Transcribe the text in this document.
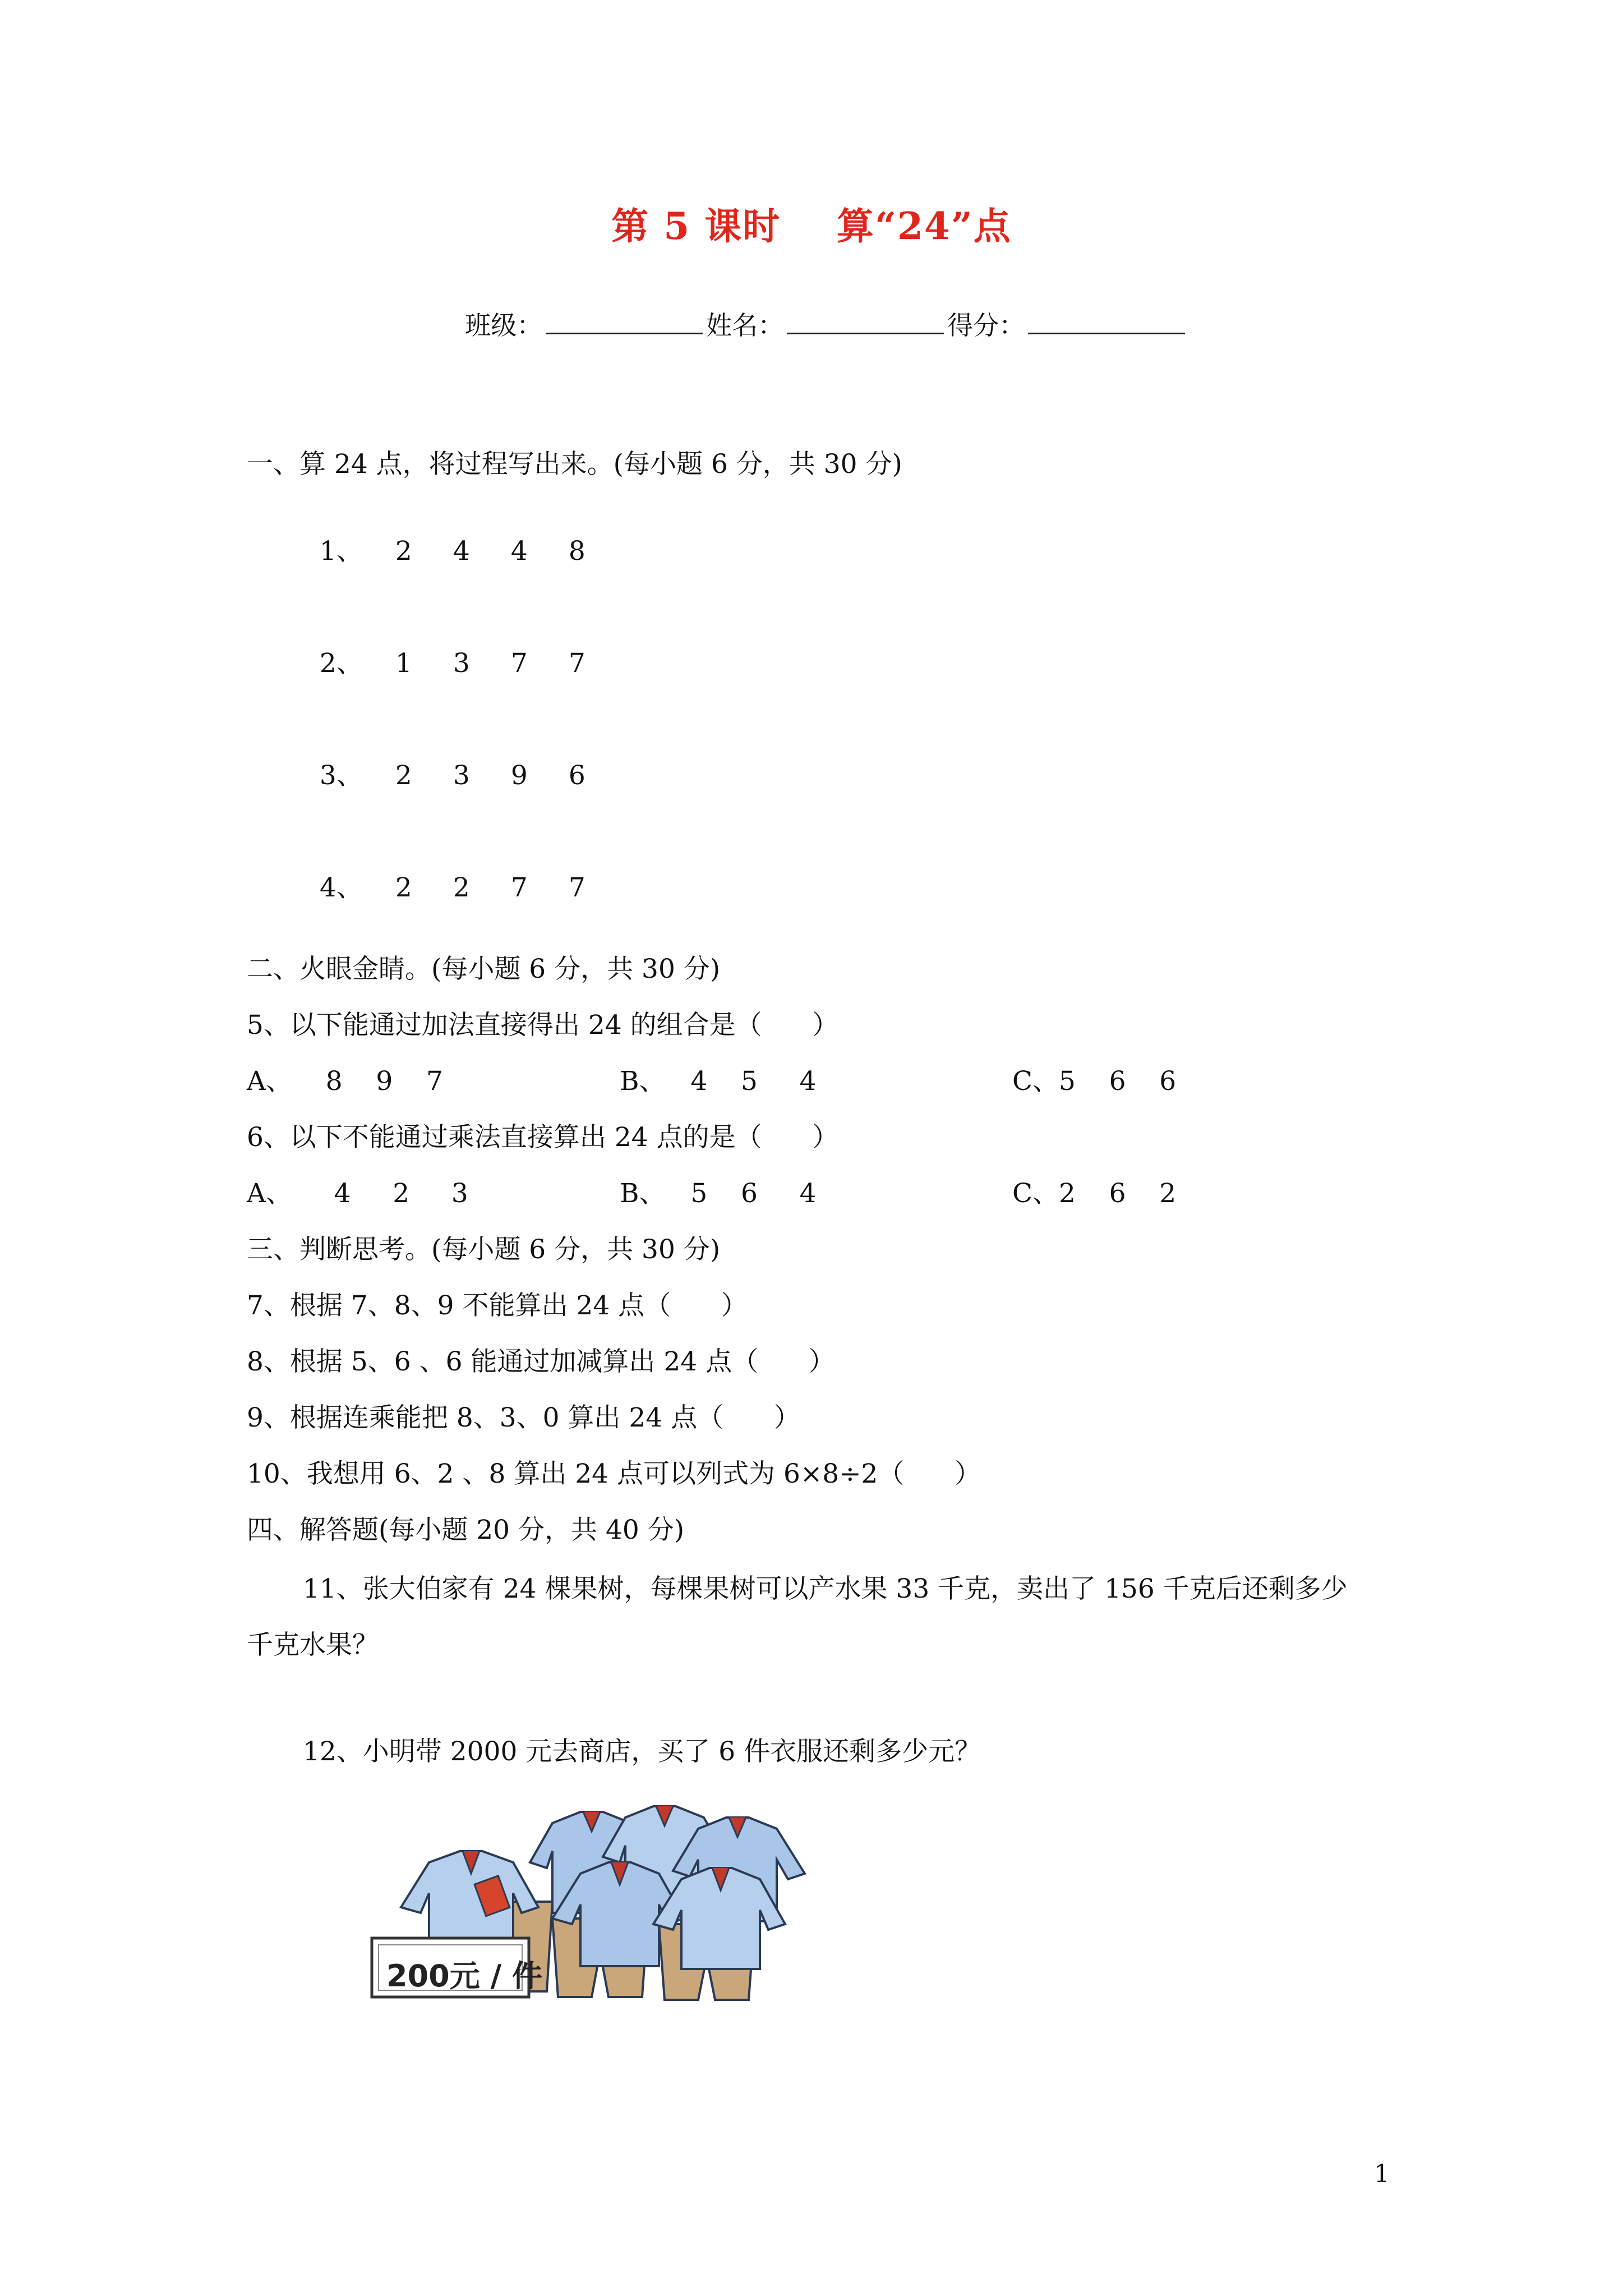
第 5 课时    算“24”点

班级：	姓名：	得分：

一、算 24 点，将过程写出来。(每小题 6 分，共 30 分)

1、 2 4 4 8

2、 1 3 7 7

3、 2 3 9 6

4、 2 2 7 7

二、火眼金睛。(每小题 6 分，共 30 分)
5、以下能通过加法直接得出 24 的组合是（      ）
A、    8    9    7	B、   4    5     4	C、5    6    6
6、以下不能通过乘法直接算出 24 点的是（      ）
A、     4     2     3	B、   5    6     4	C、2    6    2
三、判断思考。(每小题 6 分，共 30 分)
7、根据 7、8、9 不能算出 24 点（      ）
8、根据 5、6 、6 能通过加减算出 24 点（      ）
9、根据连乘能把 8、3、0 算出 24 点（      ）
10、我想用 6、2 、8 算出 24 点可以列式为 6×8÷2（      ）
四、解答题(每小题 20 分，共 40 分)
11、张大伯家有 24 棵果树，每棵果树可以产水果 33 千克，卖出了 156 千克后还剩多少
千克水果？
12、小明带 2000 元去商店，买了 6 件衣服还剩多少元？
200元 / 件
1
